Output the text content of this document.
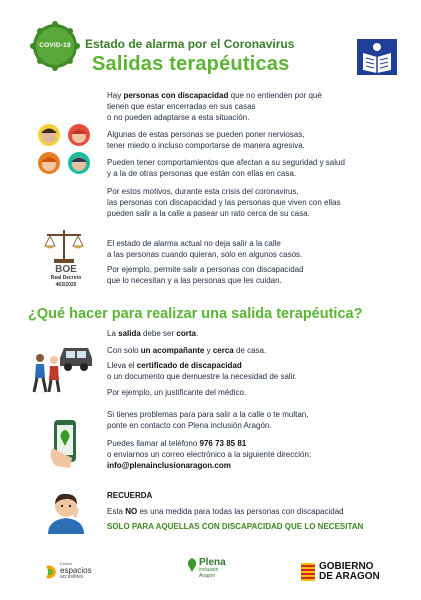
COVID-19 Estado de alarma por el Coronavirus
Salidas terapéuticas

Hay personas con discapacidad que no entienden por qué
tienen que estar encerradas en sus casas
o no pueden adaptarse a esta situación.

Algunas de estas personas se pueden poner nerviosas,
tener miedo o incluso comportarse de manera agresiva.

Pueden tener comportamientos que afectan a su seguridad y salud
y a la de otras personas que están con ellas en casa.

Por estos motivos, durante esta crisis del coronavirus,
las personas con discapacidad y las personas que viven con ellas
pueden salir a la calle a pasear un rato cerca de su casa.

BOE
Real Decreto
463/2020

El estado de alarma actual no deja salir a la calle
a las personas cuando quieran, solo en algunos casos.

Por ejemplo, permite salir a personas con discapacidad
que lo necesitan y a las personas que les cuidan.

¿Qué hacer para realizar una salida terapéutica?

La salida debe ser corta.

Con solo un acompañante y cerca de casa.

Lleva el certificado de discapacidad
o un documento que demuestre la necesidad de salir.

Por ejemplo, un justificante del médico.

Si tienes problemas para para salir a la calle o te multan,
ponte en contacto con Plena inclusión Aragón.

Puedes llamar al teléfono 976 73 85 81
o enviarnos un correo electrónico a la siguiente dirección:
info@plenainclusionaragon.com

RECUERDA

Esta NO es una medida para todas las personas con discapacidad

SOLO PARA AQUELLAS CON DISCAPACIDAD QUE LO NECESITAN

Centro
espacios
accesibles
Plena
inclusión
Aragón
GOBIERNO
DE ARAGON
